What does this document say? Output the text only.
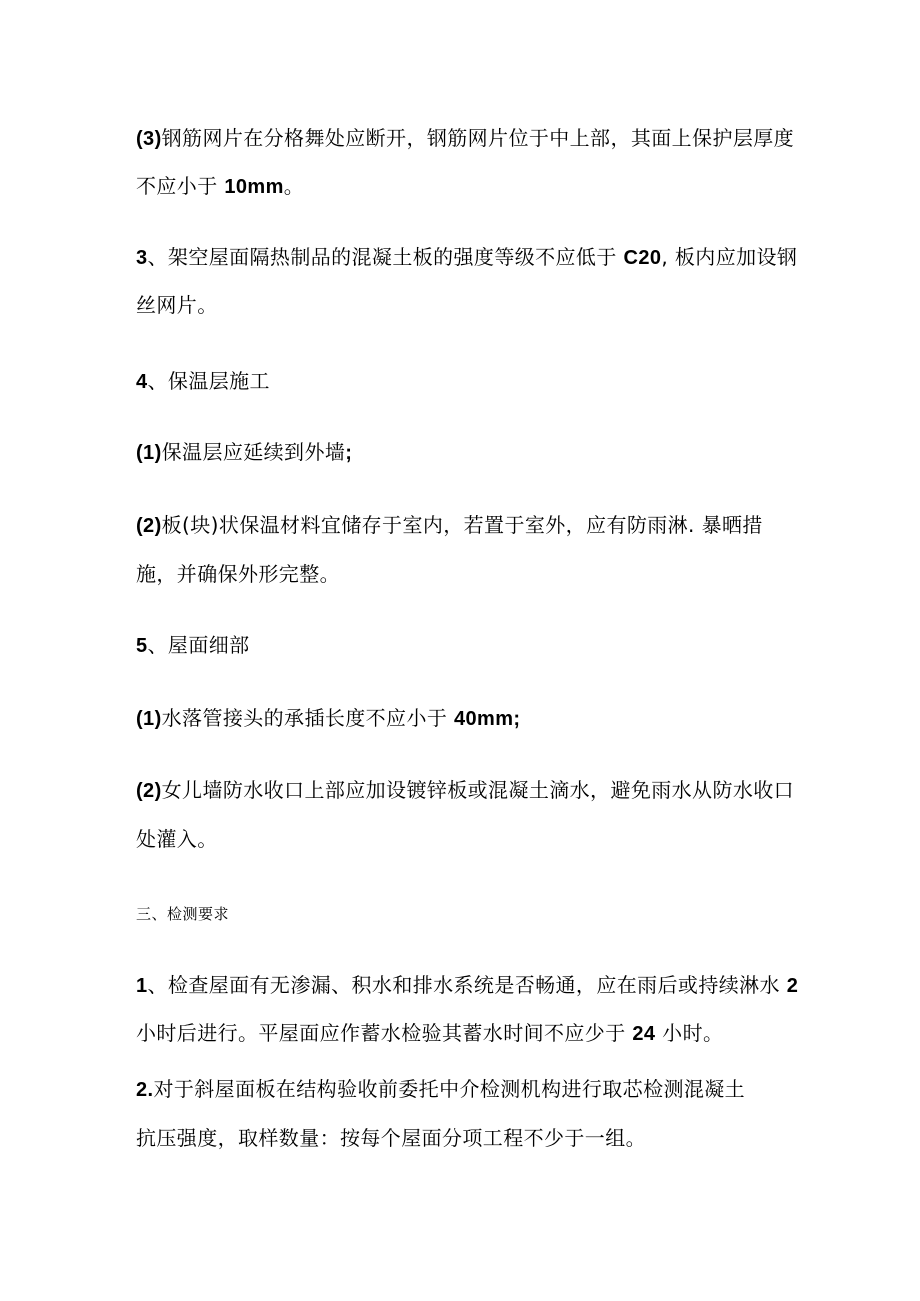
(3)钢筋网片在分格舞处应断开，钢筋网片位于中上部，其面上保护层厚度
不应小于 10mm。
3、架空屋面隔热制品的混凝土板的强度等级不应低于 C20, 板内应加设钢
丝网片。
4、保温层施工
(1)保温层应延续到外墙;
(2)板(块)状保温材料宜储存于室内，若置于室外，应有防雨淋. 暴晒措
施，并确保外形完整。
5、屋面细部
(1)水落管接头的承插长度不应小于 40mm;
(2)女儿墙防水收口上部应加设镀锌板或混凝土滴水，避免雨水从防水收口
处灌入。
三、检测要求
1、检查屋面有无渗漏、积水和排水系统是否畅通，应在雨后或持续淋水 2
小时后进行。平屋面应作蓄水检验其蓄水时间不应少于 24 小时。
2.对于斜屋面板在结构验收前委托中介检测机构进行取芯检测混凝土
抗压强度，取样数量：按每个屋面分项工程不少于一组。
